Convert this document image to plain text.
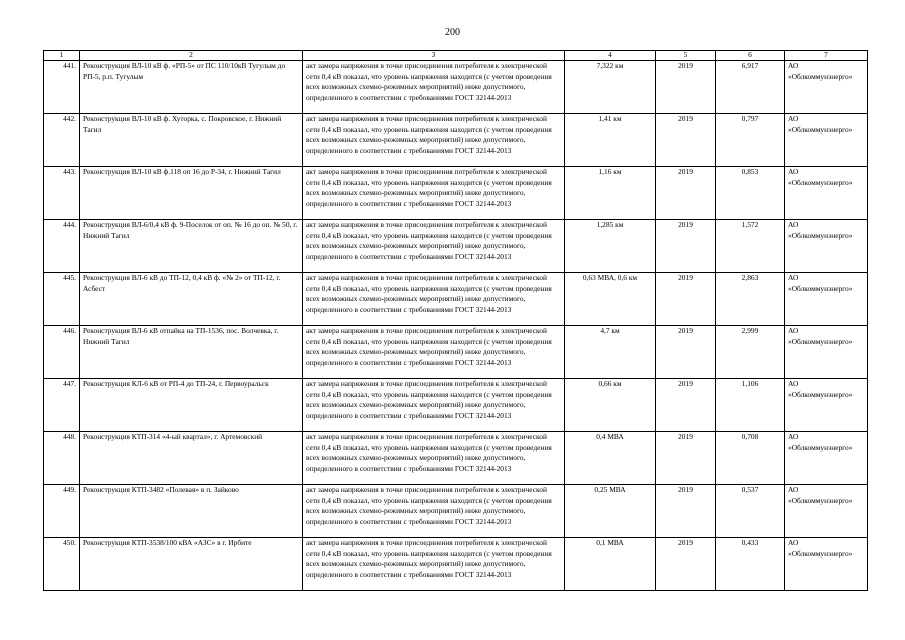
200
1	2	3	4	5	6	7
441.	Реконструкция ВЛ-10 кВ ф. «РП-5» от ПС 110/10кВ Тугулым до РП-5, р.п. Тугулым	акт замера напряжения в точке присоединения потребителя к электрической сети 0,4 кВ показал, что уровень напряжения находится (с учетом проведения всех возможных схемно-режимных мероприятий) ниже допустимого, определенного в соответствии с требованиями ГОСТ 32144-2013	7,322 км	2019	6,917	АО «Облкоммунэнерго»
442.	Реконструкция ВЛ-10 кВ ф. Хуторка, с. Покровское, г. Нижний Тагил	акт замера напряжения в точке присоединения потребителя к электрической сети 0,4 кВ показал, что уровень напряжения находится (с учетом проведения всех возможных схемно-режимных мероприятий) ниже допустимого, определенного в соответствии с требованиями ГОСТ 32144-2013	1,41 км	2019	0,797	АО «Облкоммунэнерго»
443.	Реконструкция ВЛ-10 кВ ф.118 оп 16 до Р-34, г. Нижний Тагил	акт замера напряжения в точке присоединения потребителя к электрической сети 0,4 кВ показал, что уровень напряжения находится (с учетом проведения всех возможных схемно-режимных мероприятий) ниже допустимого, определенного в соответствии с требованиями ГОСТ 32144-2013	1,16 км	2019	0,853	АО «Облкоммунэнерго»
444.	Реконструкция ВЛ-6/0,4 кВ ф. 9-Поселок от оп. № 16 до оп. № 50, г. Нижний Тагил	акт замера напряжения в точке присоединения потребителя к электрической сети 0,4 кВ показал, что уровень напряжения находится (с учетом проведения всех возможных схемно-режимных мероприятий) ниже допустимого, определенного в соответствии с требованиями ГОСТ 32144-2013	1,285 км	2019	1,572	АО «Облкоммунэнерго»
445.	Реконструкция ВЛ-6 кВ до ТП-12, 0,4 кВ ф. «№ 2» от ТП-12, г. Асбест	акт замера напряжения в точке присоединения потребителя к электрической сети 0,4 кВ показал, что уровень напряжения находится (с учетом проведения всех возможных схемно-режимных мероприятий) ниже допустимого, определенного в соответствии с требованиями ГОСТ 32144-2013	0,63 МВА, 0,6 км	2019	2,863	АО «Облкоммунэнерго»
446.	Реконструкция ВЛ-6 кВ отпайка на ТП-1536, пос. Волчевка, г. Нижний Тагил	акт замера напряжения в точке присоединения потребителя к электрической сети 0,4 кВ показал, что уровень напряжения находится (с учетом проведения всех возможных схемно-режимных мероприятий) ниже допустимого, определенного в соответствии с требованиями ГОСТ 32144-2013	4,7 км	2019	2,999	АО «Облкоммунэнерго»
447.	Реконструкция КЛ-6 кВ от РП-4 до ТП-24, г. Первоуральск	акт замера напряжения в точке присоединения потребителя к электрической сети 0,4 кВ показал, что уровень напряжения находится (с учетом проведения всех возможных схемно-режимных мероприятий) ниже допустимого, определенного в соответствии с требованиями ГОСТ 32144-2013	0,66 км	2019	1,106	АО «Облкоммунэнерго»
448.	Реконструкция КТП-314 «4-ый квартал», г. Артемовский	акт замера напряжения в точке присоединения потребителя к электрической сети 0,4 кВ показал, что уровень напряжения находится (с учетом проведения всех возможных схемно-режимных мероприятий) ниже допустимого, определенного в соответствии с требованиями ГОСТ 32144-2013	0,4 МВА	2019	0,708	АО «Облкоммунэнерго»
449.	Реконструкция КТП-3482 «Полевая» в п. Зайково	акт замера напряжения в точке присоединения потребителя к электрической сети 0,4 кВ показал, что уровень напряжения находится (с учетом проведения всех возможных схемно-режимных мероприятий) ниже допустимого, определенного в соответствии с требованиями ГОСТ 32144-2013	0,25 МВА	2019	0,537	АО «Облкоммунэнерго»
450.	Реконструкция КТП-3538/100 кВА «АЗС» в г. Ирбите	акт замера напряжения в точке присоединения потребителя к электрической сети 0,4 кВ показал, что уровень напряжения находится (с учетом проведения всех возможных схемно-режимных мероприятий) ниже допустимого, определенного в соответствии с требованиями ГОСТ 32144-2013	0,1 МВА	2019	0,433	АО «Облкоммунэнерго»
